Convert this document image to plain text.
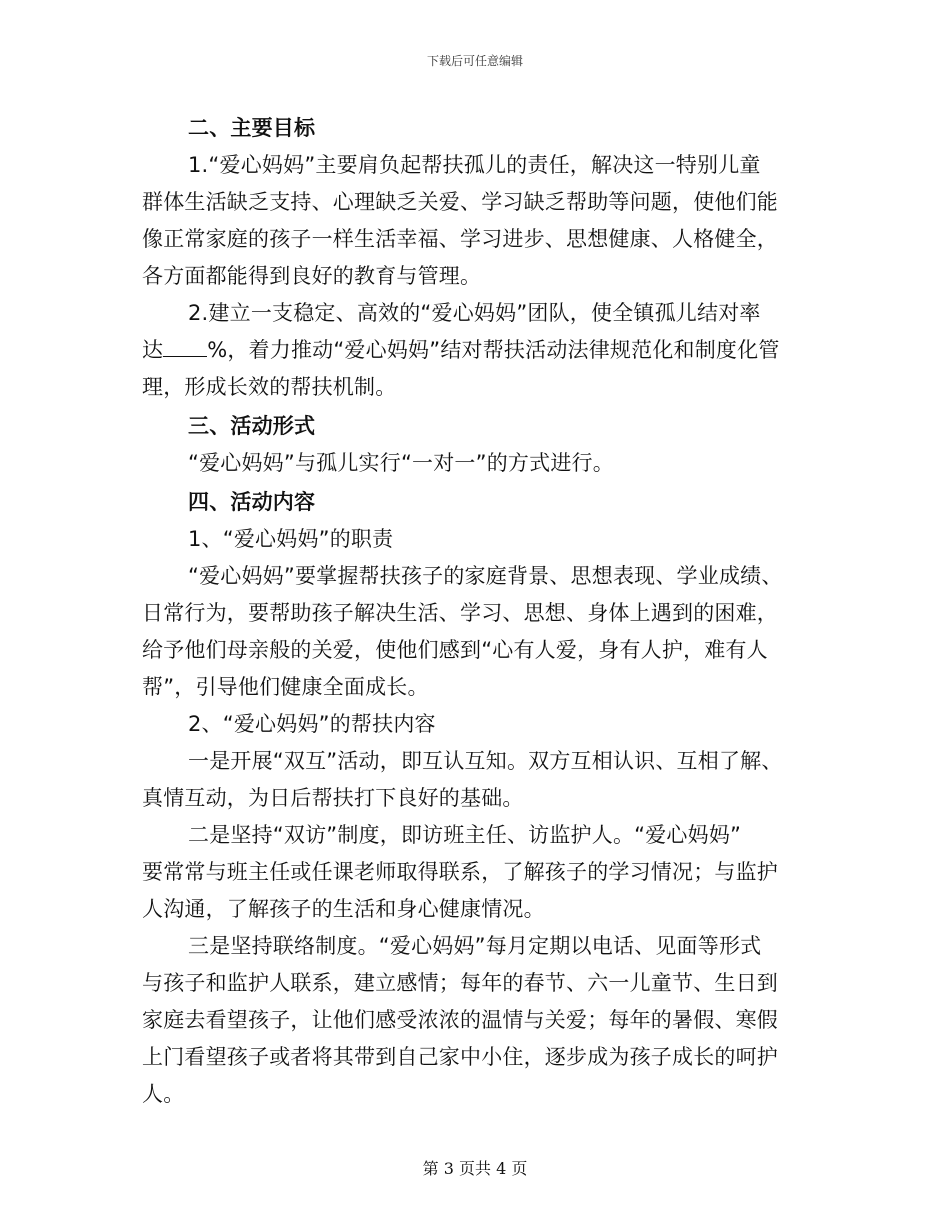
下载后可任意编辑
二、主要目标
1.“爱心妈妈”主要肩负起帮扶孤儿的责任，解决这一特别儿童
群体生活缺乏支持、心理缺乏关爱、学习缺乏帮助等问题，使他们能
像正常家庭的孩子一样生活幸福、学习进步、思想健康、人格健全，
各方面都能得到良好的教育与管理。
2.建立一支稳定、高效的“爱心妈妈”团队，使全镇孤儿结对率
达 %，着力推动“爱心妈妈”结对帮扶活动法律规范化和制度化管
理，形成长效的帮扶机制。
三、活动形式
“爱心妈妈”与孤儿实行“一对一”的方式进行。
四、活动内容
1、“爱心妈妈”的职责
“爱心妈妈”要掌握帮扶孩子的家庭背景、思想表现、学业成绩、
日常行为，要帮助孩子解决生活、学习、思想、身体上遇到的困难，
给予他们母亲般的关爱，使他们感到“心有人爱，身有人护，难有人
帮”，引导他们健康全面成长。
2、“爱心妈妈”的帮扶内容
一是开展“双互”活动，即互认互知。双方互相认识、互相了解、
真情互动，为日后帮扶打下良好的基础。
二是坚持“双访”制度，即访班主任、访监护人。“爱心妈妈”
要常常与班主任或任课老师取得联系，了解孩子的学习情况；与监护
人沟通，了解孩子的生活和身心健康情况。
三是坚持联络制度。“爱心妈妈”每月定期以电话、见面等形式
与孩子和监护人联系，建立感情；每年的春节、六一儿童节、生日到
家庭去看望孩子，让他们感受浓浓的温情与关爱；每年的暑假、寒假
上门看望孩子或者将其带到自己家中小住，逐步成为孩子成长的呵护
人。
第 3 页共 4 页
